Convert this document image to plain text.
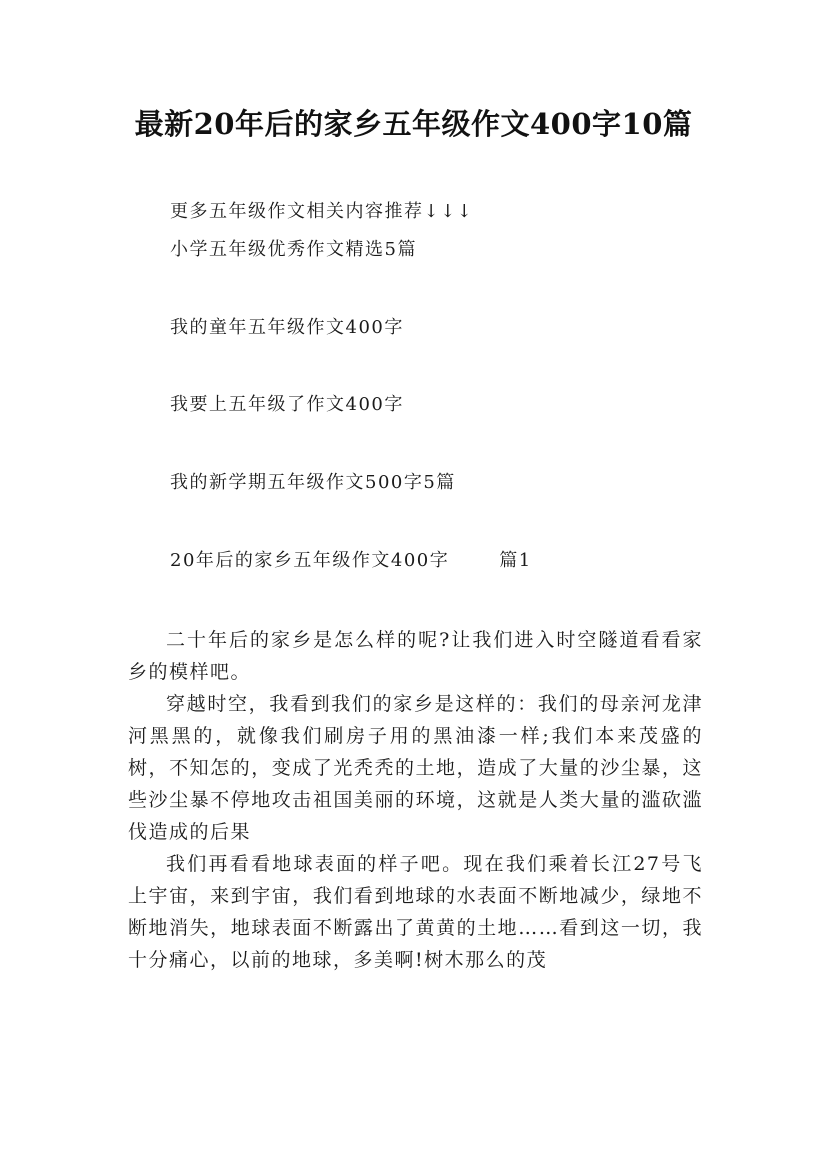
最新20年后的家乡五年级作文400字10篇
更多五年级作文相关内容推荐↓↓↓
小学五年级优秀作文精选5篇
我的童年五年级作文400字
我要上五年级了作文400字
我的新学期五年级作文500字5篇
20年后的家乡五年级作文400字	篇1

二十年后的家乡是怎么样的呢?让我们进入时空隧道看看家乡的模样吧。

穿越时空，我看到我们的家乡是这样的：我们的母亲河龙津河黑黑的，就像我们刷房子用的黑油漆一样;我们本来茂盛的树，不知怎的，变成了光秃秃的土地，造成了大量的沙尘暴，这些沙尘暴不停地攻击祖国美丽的环境，这就是人类大量的滥砍滥伐造成的后果

我们再看看地球表面的样子吧。现在我们乘着长江27号飞上宇宙，来到宇宙，我们看到地球的水表面不断地减少，绿地不断地消失，地球表面不断露出了黄黄的土地……看到这一切，我十分痛心，以前的地球，多美啊!树木那么的茂
